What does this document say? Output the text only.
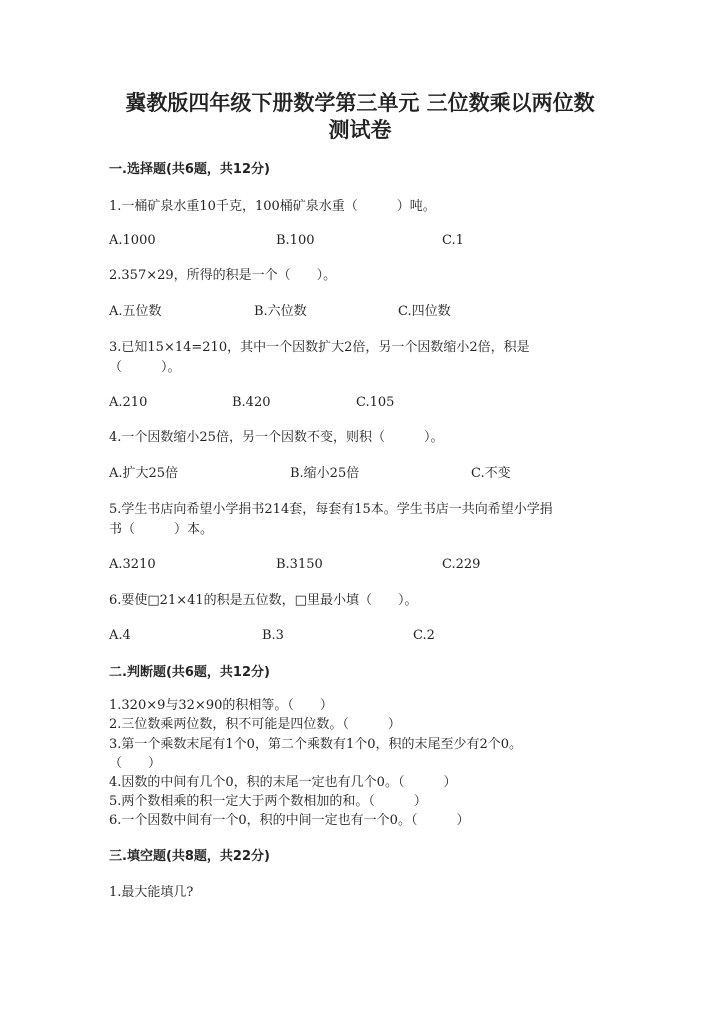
冀教版四年级下册数学第三单元 三位数乘以两位数
测试卷
一.选择题(共6题，共12分)
1.一桶矿泉水重10千克，100桶矿泉水重（　　　）吨。
A.1000	B.100	C.1
2.357×29，所得的积是一个（　　）。
A.五位数	B.六位数	C.四位数
3.已知15×14=210，其中一个因数扩大2倍，另一个因数缩小2倍，积是
（　　　）。
A.210	B.420	C.105
4.一个因数缩小25倍，另一个因数不变，则积（　　　）。
A.扩大25倍	B.缩小25倍	C.不变
5.学生书店向希望小学捐书214套，每套有15本。学生书店一共向希望小学捐
书（　　　）本。
A.3210	B.3150	C.229
6.要使□21×41的积是五位数，□里最小填（　　）。
A.4	B.3	C.2
二.判断题(共6题，共12分)
1.320×9与32×90的积相等。（　　）
2.三位数乘两位数，积不可能是四位数。（　　　）
3.第一个乘数末尾有1个0，第二个乘数有1个0，积的末尾至少有2个0。
（　　）
4.因数的中间有几个0，积的末尾一定也有几个0。（　　　）
5.两个数相乘的积一定大于两个数相加的和。（　　　）
6.一个因数中间有一个0，积的中间一定也有一个0。（　　　）
三.填空题(共8题，共22分)
1.最大能填几?
